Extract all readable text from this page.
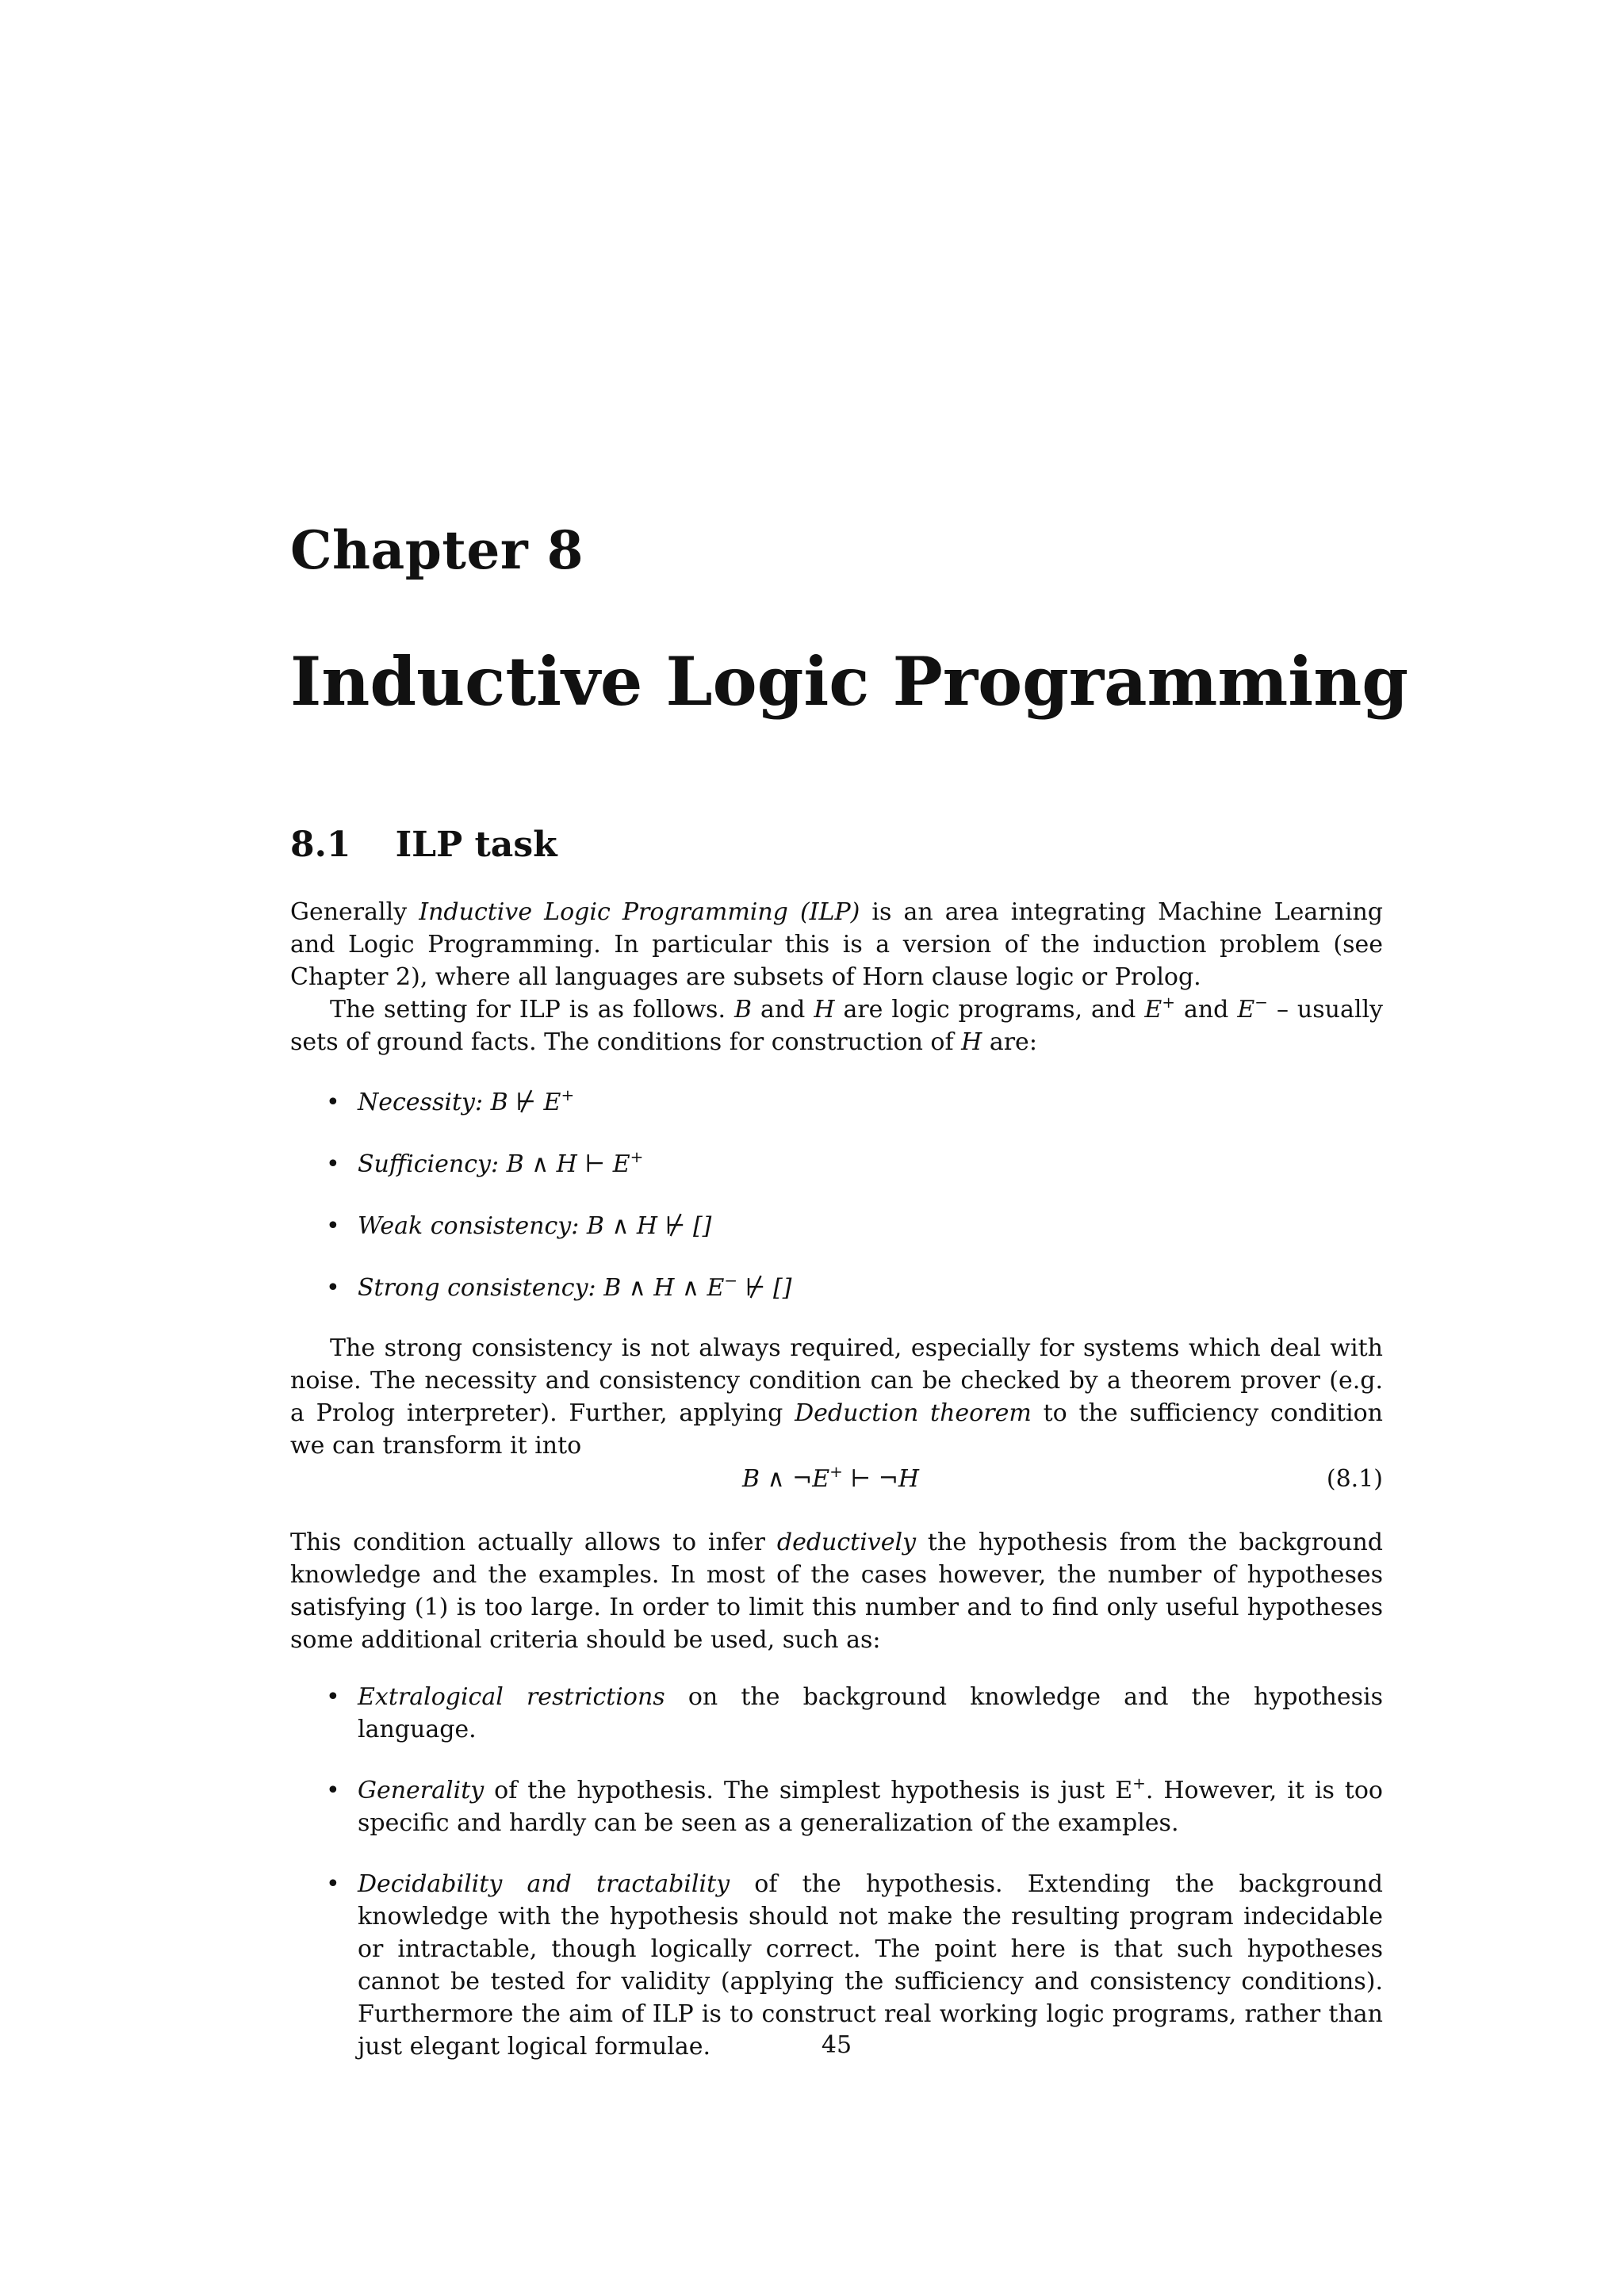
Chapter 8
Inductive Logic Programming
8.1 ILP task

Generally Inductive Logic Programming (ILP) is an area integrating Machine Learning and Logic Programming. In particular this is a version of the induction problem (see Chapter 2), where all languages are subsets of Horn clause logic or Prolog.

The setting for ILP is as follows. B and H are logic programs, and E+ and E− – usually sets of ground facts. The conditions for construction of H are:

• Necessity: B ⊬ E+
• Sufficiency: B ∧ H ⊢ E+
• Weak consistency: B ∧ H ⊬ []
• Strong consistency: B ∧ H ∧ E− ⊬ []

The strong consistency is not always required, especially for systems which deal with noise. The necessity and consistency condition can be checked by a theorem prover (e.g. a Prolog interpreter). Further, applying Deduction theorem to the sufficiency condition we can transform it into

B ∧ ¬E+ ⊢ ¬H	(8.1)

This condition actually allows to infer deductively the hypothesis from the background knowledge and the examples. In most of the cases however, the number of hypotheses satisfying (1) is too large. In order to limit this number and to find only useful hypotheses some additional criteria should be used, such as:

• Extralogical restrictions on the background knowledge and the hypothesis language.
• Generality of the hypothesis. The simplest hypothesis is just E+. However, it is too specific and hardly can be seen as a generalization of the examples.
• Decidability and tractability of the hypothesis. Extending the background knowledge with the hypothesis should not make the resulting program indecidable or intractable, though logically correct. The point here is that such hypotheses cannot be tested for validity (applying the sufficiency and consistency conditions). Furthermore the aim of ILP is to construct real working logic programs, rather than just elegant logical formulae.	45
